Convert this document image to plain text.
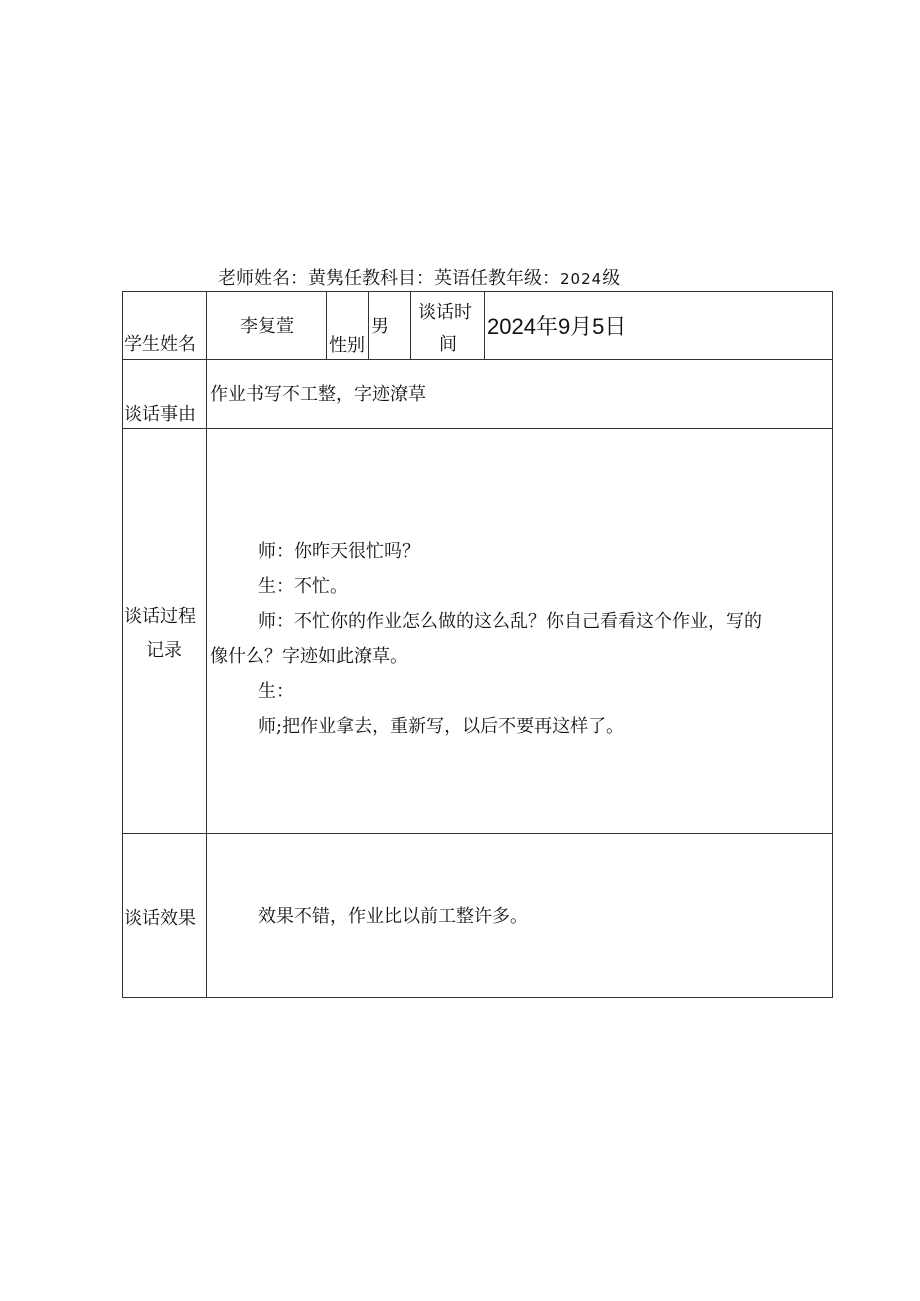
老师姓名：黄隽任教科目：英语任教年级：2024级
学生姓名
李复萱
性别
男
谈话时
间
2024年9月5日
谈话事由
作业书写不工整，字迹潦草
谈话过程
记录

师：你昨天很忙吗？

生：不忙。

师：不忙你的作业怎么做的这么乱？你自己看看这个作业，写的

像什么？字迹如此潦草。

生：

师;把作业拿去，重新写，以后不要再这样了。

谈话效果	效果不错，作业比以前工整许多。
